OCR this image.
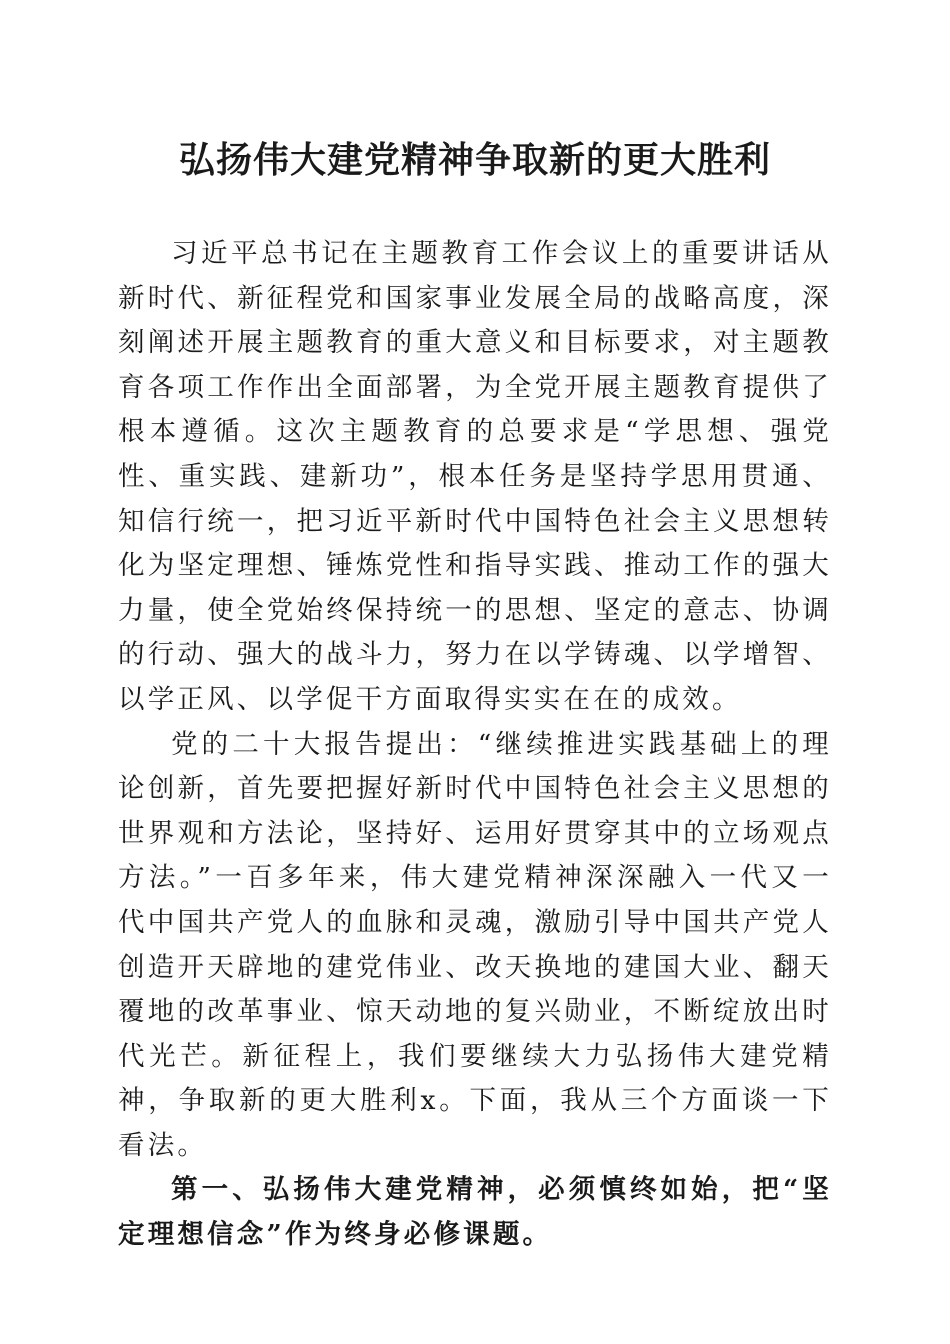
弘扬伟大建党精神争取新的更大胜利

习近平总书记在主题教育工作会议上的重要讲话从新时代、新征程党和国家事业发展全局的战略高度，深刻阐述开展主题教育的重大意义和目标要求，对主题教育各项工作作出全面部署，为全党开展主题教育提供了根本遵循。这次主题教育的总要求是“学思想、强党性、重实践、建新功”，根本任务是坚持学思用贯通、知信行统一，把习近平新时代中国特色社会主义思想转化为坚定理想、锤炼党性和指导实践、推动工作的强大力量，使全党始终保持统一的思想、坚定的意志、协调的行动、强大的战斗力，努力在以学铸魂、以学增智、以学正风、以学促干方面取得实实在在的成效。

党的二十大报告提出：“继续推进实践基础上的理论创新，首先要把握好新时代中国特色社会主义思想的世界观和方法论，坚持好、运用好贯穿其中的立场观点方法。”一百多年来，伟大建党精神深深融入一代又一代中国共产党人的血脉和灵魂，激励引导中国共产党人创造开天辟地的建党伟业、改天换地的建国大业、翻天覆地的改革事业、惊天动地的复兴勋业，不断绽放出时代光芒。新征程上，我们要继续大力弘扬伟大建党精神，争取新的更大胜利x。下面，我从三个方面谈一下看法。

第一、弘扬伟大建党精神，必须慎终如始，把“坚定理想信念”作为终身必修课题。
